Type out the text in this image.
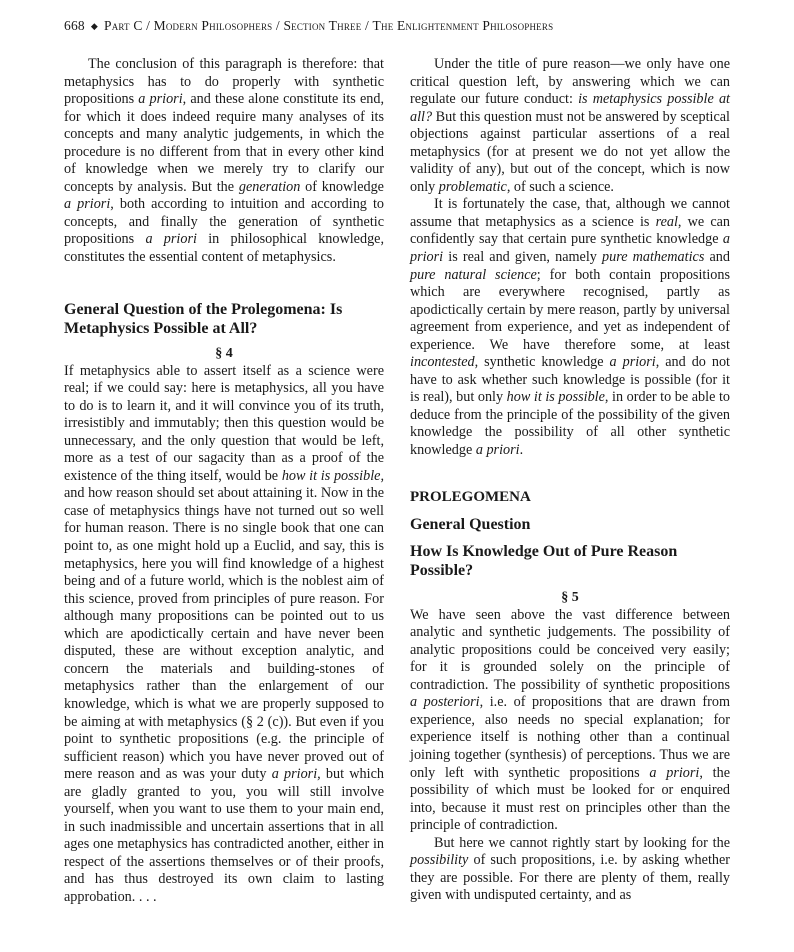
668 ◆ Part C / Modern Philosophers / Section Three / The Enlightenment Philosophers

The conclusion of this paragraph is therefore: that metaphysics has to do properly with synthetic propositions a priori, and these alone constitute its end, for which it does indeed require many analyses of its concepts and many analytic judgements, in which the procedure is no different from that in every other kind of knowledge when we merely try to clarify our concepts by analysis. But the generation of knowledge a priori, both according to intuition and according to concepts, and finally the generation of synthetic propositions a priori in philosophical knowledge, constitutes the essential content of metaphysics.

General Question of the Prolegomena: Is Metaphysics Possible at All?
§ 4

If metaphysics able to assert itself as a science were real; if we could say: here is metaphysics, all you have to do is to learn it, and it will convince you of its truth, irresistibly and immutably; then this question would be unnecessary, and the only question that would be left, more as a test of our sagacity than as a proof of the existence of the thing itself, would be how it is possible, and how reason should set about attaining it. Now in the case of metaphysics things have not turned out so well for human reason. There is no single book that one can point to, as one might hold up a Euclid, and say, this is metaphysics, here you will find knowledge of a highest being and of a future world, which is the noblest aim of this science, proved from principles of pure reason. For although many propositions can be pointed out to us which are apodictically certain and have never been disputed, these are without exception analytic, and concern the materials and building-stones of metaphysics rather than the enlargement of our knowledge, which is what we are properly supposed to be aiming at with metaphysics (§ 2 (c)). But even if you point to synthetic propositions (e.g. the principle of sufficient reason) which you have never proved out of mere reason and as was your duty a priori, but which are gladly granted to you, you will still involve yourself, when you want to use them to your main end, in such inadmissible and uncertain assertions that in all ages one metaphysics has contradicted another, either in respect of the assertions themselves or of their proofs, and has thus destroyed its own claim to lasting approbation. . . .

Under the title of pure reason—we only have one critical question left, by answering which we can regulate our future conduct: is metaphysics possible at all? But this question must not be answered by sceptical objections against particular assertions of a real metaphysics (for at present we do not yet allow the validity of any), but out of the concept, which is now only problematic, of such a science.

It is fortunately the case, that, although we cannot assume that metaphysics as a science is real, we can confidently say that certain pure synthetic knowledge a priori is real and given, namely pure mathematics and pure natural science; for both contain propositions which are everywhere recognised, partly as apodictically certain by mere reason, partly by universal agreement from experience, and yet as independent of experience. We have therefore some, at least incontested, synthetic knowledge a priori, and do not have to ask whether such knowledge is possible (for it is real), but only how it is possible, in order to be able to deduce from the principle of the possibility of the given knowledge the possibility of all other synthetic knowledge a priori.

PROLEGOMENA
General Question
How Is Knowledge Out of Pure Reason Possible?
§ 5

We have seen above the vast difference between analytic and synthetic judgements. The possibility of analytic propositions could be conceived very easily; for it is grounded solely on the principle of contradiction. The possibility of synthetic propositions a posteriori, i.e. of propositions that are drawn from experience, also needs no special explanation; for experience itself is nothing other than a continual joining together (synthesis) of perceptions. Thus we are only left with synthetic propositions a priori, the possibility of which must be looked for or enquired into, because it must rest on principles other than the principle of contradiction.

But here we cannot rightly start by looking for the possibility of such propositions, i.e. by asking whether they are possible. For there are plenty of them, really given with undisputed certainty, and as
